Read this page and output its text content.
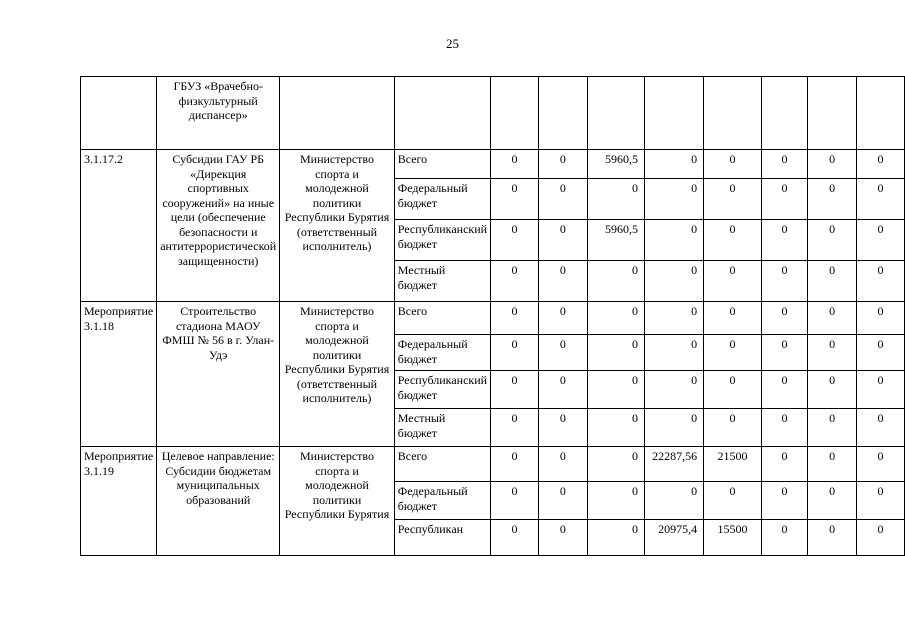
25
	ГБУЗ «Врачебно-физкультурный диспансер»										
3.1.17.2	Субсидии ГАУ РБ «Дирекция спортивных сооружений» на иные цели (обеспечение безопасности и антитеррористической защищенности)	Министерство спорта и молодежной политики Республики Бурятия (ответственный исполнитель)	Всего	0	0	5960,5	0	0	0	0	0
			Федеральный бюджет	0	0	0	0	0	0	0	0
			Республиканский бюджет	0	0	5960,5	0	0	0	0	0
			Местный бюджет	0	0	0	0	0	0	0	0
Мероприятие 3.1.18	Строительство стадиона МАОУ ФМШ № 56 в г. Улан-Удэ	Министерство спорта и молодежной политики Республики Бурятия (ответственный исполнитель)	Всего	0	0	0	0	0	0	0	0
			Федеральный бюджет	0	0	0	0	0	0	0	0
			Республиканский бюджет	0	0	0	0	0	0	0	0
			Местный бюджет	0	0	0	0	0	0	0	0
Мероприятие 3.1.19	Целевое направление: Субсидии бюджетам муниципальных образований	Министерство спорта и молодежной политики Республики Бурятия	Всего	0	0	0	22287,56	21500	0	0	0
			Федеральный бюджет	0	0	0	0	0	0	0	0
			Республикан	0	0	0	20975,4	15500	0	0	0
